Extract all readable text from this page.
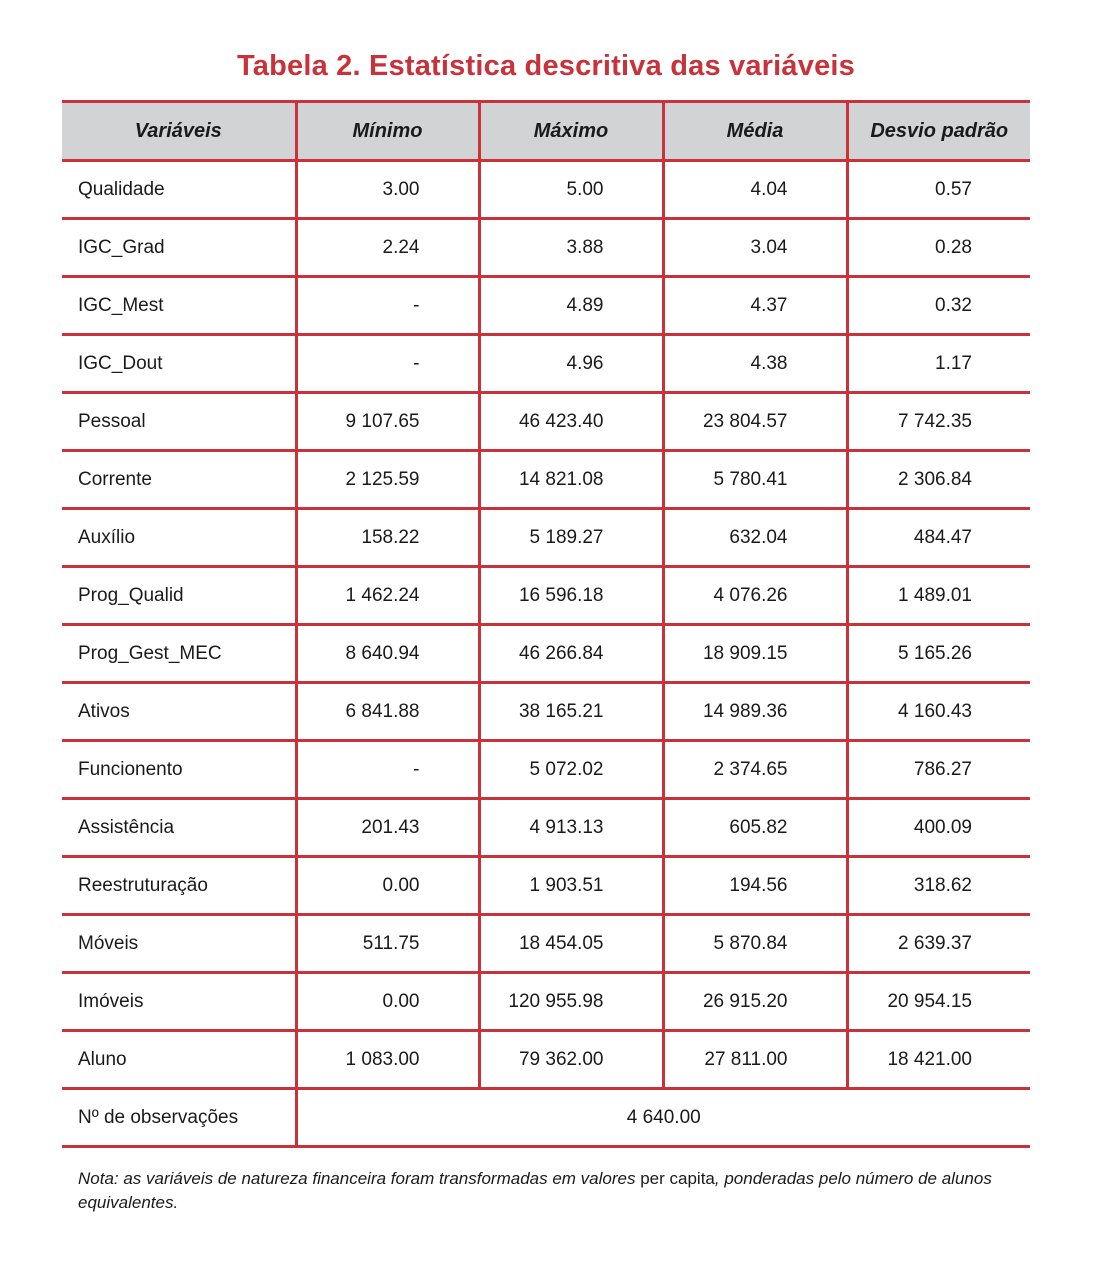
Tabela 2. Estatística descritiva das variáveis
Variáveis	Mínimo	Máximo	Média	Desvio padrão
Qualidade	3.00	5.00	4.04	0.57
IGC_Grad	2.24	3.88	3.04	0.28
IGC_Mest	-	4.89	4.37	0.32
IGC_Dout	-	4.96	4.38	1.17
Pessoal	9 107.65	46 423.40	23 804.57	7 742.35
Corrente	2 125.59	14 821.08	5 780.41	2 306.84
Auxílio	158.22	5 189.27	632.04	484.47
Prog_Qualid	1 462.24	16 596.18	4 076.26	1 489.01
Prog_Gest_MEC	8 640.94	46 266.84	18 909.15	5 165.26
Ativos	6 841.88	38 165.21	14 989.36	4 160.43
Funcionento	-	5 072.02	2 374.65	786.27
Assistência	201.43	4 913.13	605.82	400.09
Reestruturação	0.00	1 903.51	194.56	318.62
Móveis	511.75	18 454.05	5 870.84	2 639.37
Imóveis	0.00	120 955.98	26 915.20	20 954.15
Aluno	1 083.00	79 362.00	27 811.00	18 421.00
Nº de observações	4 640.00			
Nota: as variáveis de natureza financeira foram transformadas em valores per capita, ponderadas pelo número de alunos equivalentes.
